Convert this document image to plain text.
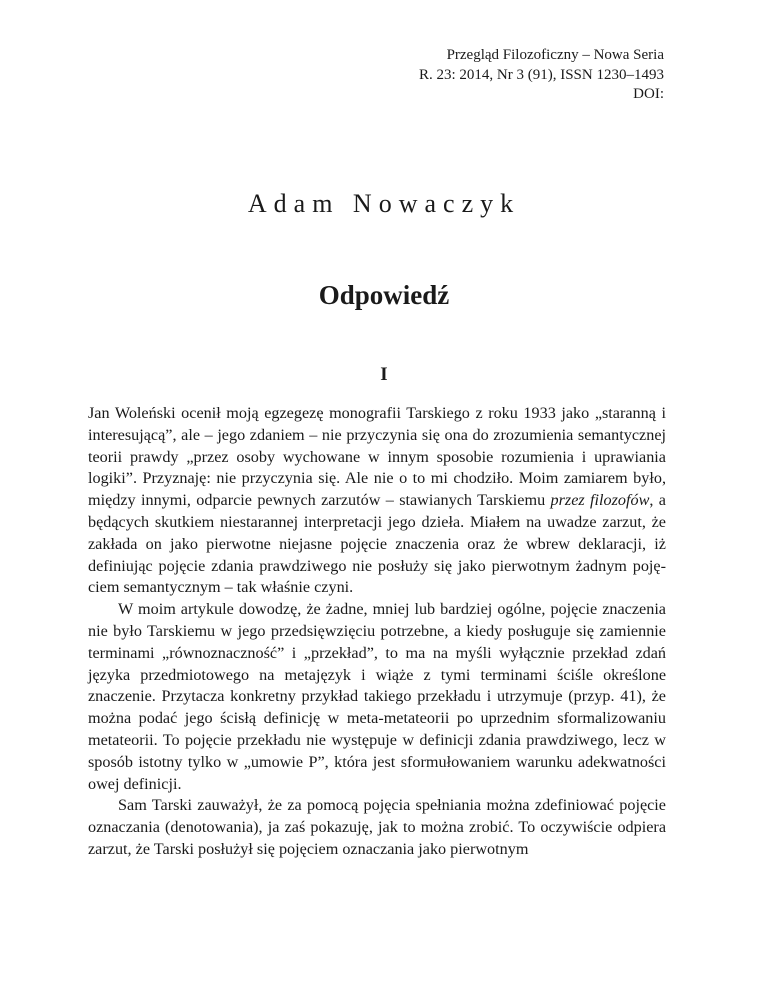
Przegląd Filozoficzny – Nowa Seria
R. 23: 2014, Nr 3 (91), ISSN 1230–1493
DOI:
Adam Nowaczyk
Odpowiedź
I

Jan Woleński ocenił moją egzegezę monografii Tarskiego z roku 1933 jako „staranną i interesującą”, ale – jego zdaniem – nie przyczynia się ona do zrozumienia semantycznej teorii prawdy „przez osoby wychowane w innym sposobie rozumienia i uprawiania logiki”. Przyznaję: nie przyczynia się. Ale nie o to mi chodziło. Moim zamiarem było, między innymi, odparcie pewnych zarzutów – stawianych Tarskiemu przez filozofów, a będących skutkiem niestarannej interpretacji jego dzieła. Miałem na uwadze zarzut, że zakłada on jako pierwotne niejasne pojęcie znaczenia oraz że wbrew deklaracji, iż definiując pojęcie zdania prawdziwego nie posłuży się jako pierwotnym żadnym pojęciem semantycznym – tak właśnie czyni.

W moim artykule dowodzę, że żadne, mniej lub bardziej ogólne, pojęcie znaczenia nie było Tarskiemu w jego przedsięwzięciu potrzebne, a kiedy posługuje się zamiennie terminami „równoznaczność” i „przekład”, to ma na myśli wyłącznie przekład zdań języka przedmiotowego na metajęzyk i wiąże z tymi terminami ściśle określone znaczenie. Przytacza konkretny przykład takiego przekładu i utrzymuje (przyp. 41), że można podać jego ścisłą definicję w meta-metateorii po uprzednim sformalizowaniu metateorii. To pojęcie przekładu nie występuje w definicji zdania prawdziwego, lecz w sposób istotny tylko w „umowie P”, która jest sformułowaniem warunku adekwatności owej definicji.

Sam Tarski zauważył, że za pomocą pojęcia spełniania można zdefiniować pojęcie oznaczania (denotowania), ja zaś pokazuję, jak to można zrobić. To oczywiście odpiera zarzut, że Tarski posłużył się pojęciem oznaczania jako pierwotnym
